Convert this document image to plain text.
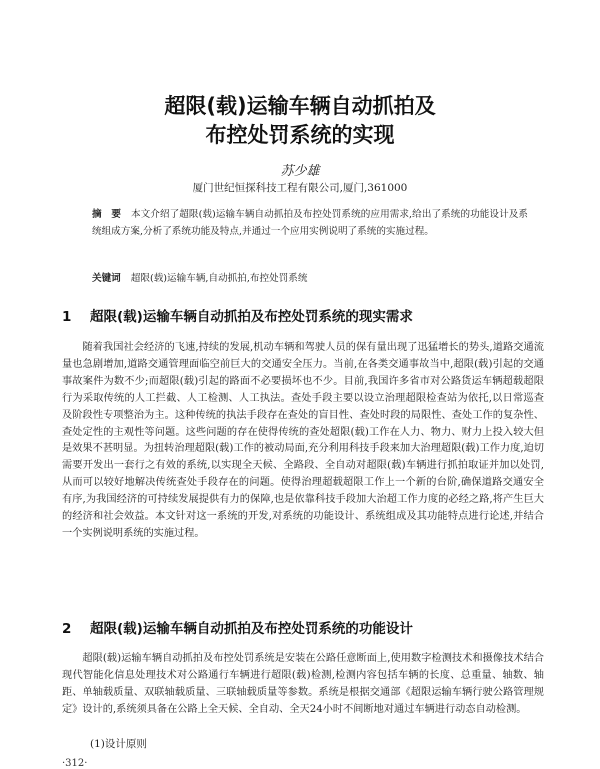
超限(载)运输车辆自动抓拍及
布控处罚系统的实现
苏少雄
厦门世纪恒探科技工程有限公司,厦门,361000
摘　要 本文介绍了超限(载)运输车辆自动抓拍及布控处罚系统的应用需求,给出了系统的功能设计及系统组成方案,分析了系统功能及特点,并通过一个应用实例说明了系统的实施过程。
关键词 超限(载)运输车辆,自动抓拍,布控处罚系统
1 超限(载)运输车辆自动抓拍及布控处罚系统的现实需求

随着我国社会经济的飞速,持续的发展,机动车辆和驾驶人员的保有量出现了迅猛增长的势头,道路交通流量也急剧增加,道路交通管理面临空前巨大的交通安全压力。当前,在各类交通事故当中,超限(载)引起的交通事故案件为数不少;而超限(载)引起的路面不必要损坏也不少。目前,我国许多省市对公路货运车辆超载超限行为采取传统的人工拦截、人工检测、人工执法。查处手段主要以设立治理超限检查站为依托,以日常巡查及阶段性专项整治为主。这种传统的执法手段存在查处的盲目性、查处时段的局限性、查处工作的复杂性、查处定性的主观性等问题。这些问题的存在使得传统的查处超限(载)工作在人力、物力、财力上投入较大但是效果不甚明显。为扭转治理超限(载)工作的被动局面,充分利用科技手段来加大治理超限(载)工作力度,迫切需要开发出一套行之有效的系统,以实现全天候、全路段、全自动对超限(载)车辆进行抓拍取证并加以处罚,从而可以较好地解决传统查处手段存在的问题。使得治理超载超限工作上一个新的台阶,确保道路交通安全有序,为我国经济的可持续发展提供有力的保障,也是依靠科技手段加大治超工作力度的必经之路,将产生巨大的经济和社会效益。本文针对这一系统的开发,对系统的功能设计、系统组成及其功能特点进行论述,并结合一个实例说明系统的实施过程。

2 超限(载)运输车辆自动抓拍及布控处罚系统的功能设计

超限(载)运输车辆自动抓拍及布控处罚系统是安装在公路任意断面上,使用数字检测技术和摄像技术结合现代智能化信息处理技术对公路通行车辆进行超限(载)检测,检测内容包括车辆的长度、总重量、轴数、轴距、单轴载质量、双联轴载质量、三联轴载质量等参数。系统是根据交通部《超限运输车辆行驶公路管理规定》设计的,系统须具备在公路上全天候、全自动、全天24小时不间断地对通过车辆进行动态自动检测。

(1)设计原则
·312·
